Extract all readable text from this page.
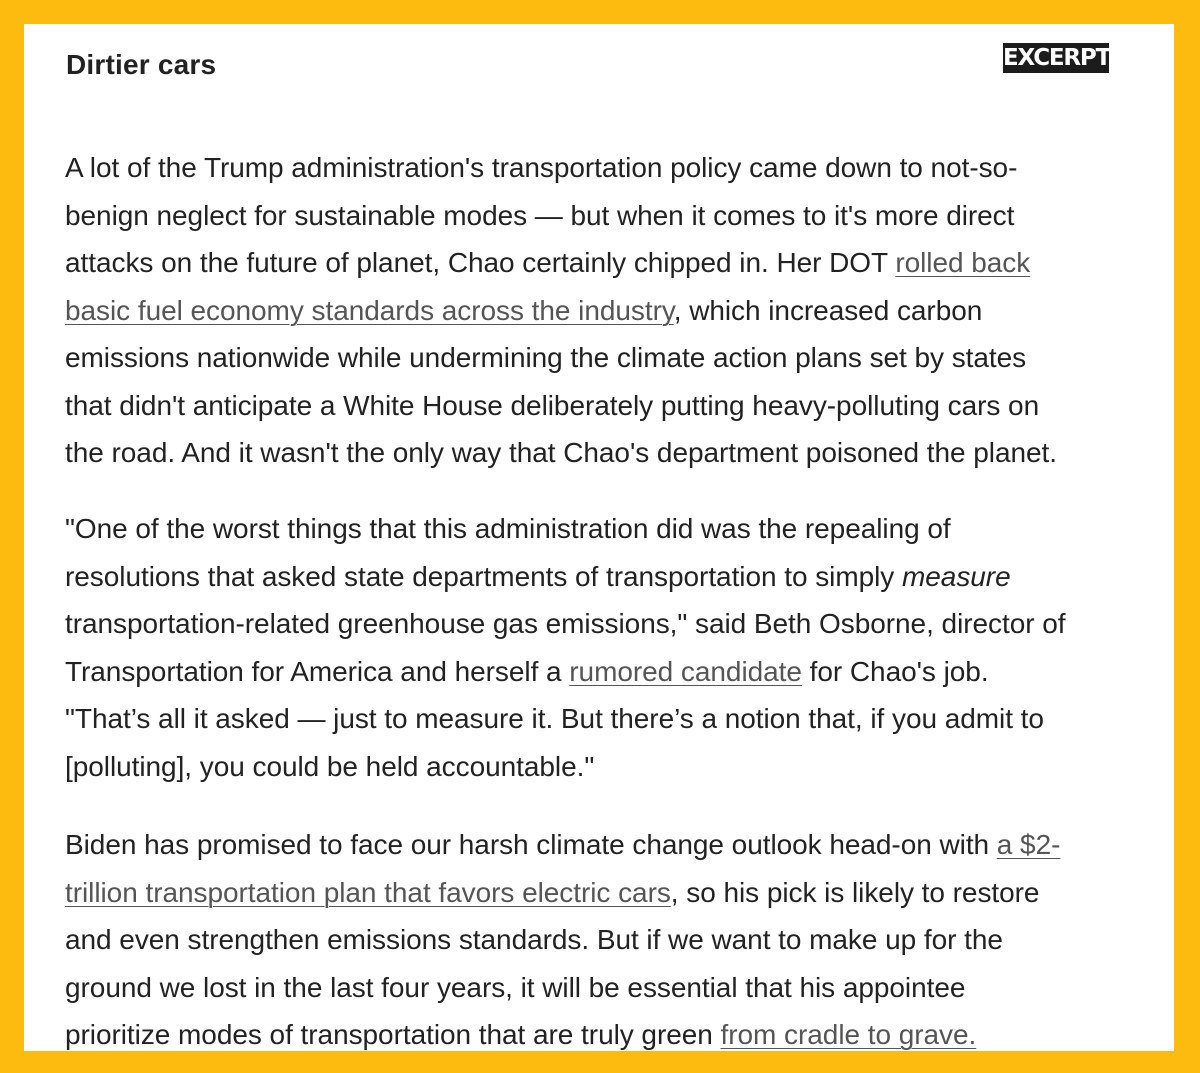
Dirtier cars	EXCERPT
A lot of the Trump administration's transportation policy came down to not-so-
benign neglect for sustainable modes — but when it comes to it's more direct
attacks on the future of planet, Chao certainly chipped in. Her DOT rolled back
basic fuel economy standards across the industry, which increased carbon
emissions nationwide while undermining the climate action plans set by states
that didn't anticipate a White House deliberately putting heavy-polluting cars on
the road. And it wasn't the only way that Chao's department poisoned the planet.
"One of the worst things that this administration did was the repealing of
resolutions that asked state departments of transportation to simply measure
transportation-related greenhouse gas emissions," said Beth Osborne, director of
Transportation for America and herself a rumored candidate for Chao's job.
"That’s all it asked — just to measure it. But there’s a notion that, if you admit to
[polluting], you could be held accountable."
Biden has promised to face our harsh climate change outlook head-on with a $2-
trillion transportation plan that favors electric cars, so his pick is likely to restore
and even strengthen emissions standards. But if we want to make up for the
ground we lost in the last four years, it will be essential that his appointee
prioritize modes of transportation that are truly green from cradle to grave.
